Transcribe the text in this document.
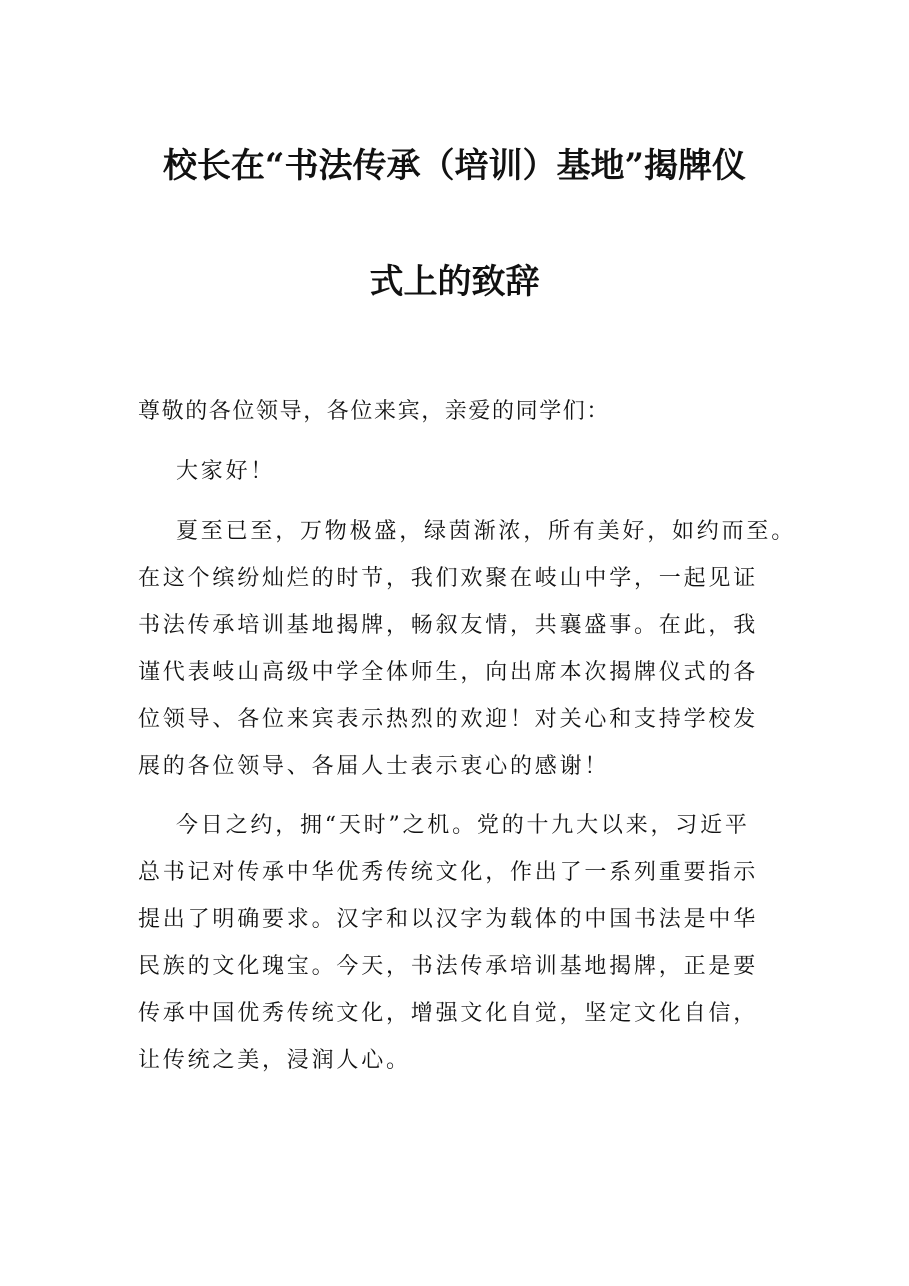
校长在“书法传承（培训）基地”揭牌仪
式上的致辞
尊敬的各位领导，各位来宾，亲爱的同学们：
大家好！
夏至已至，万物极盛，绿茵渐浓，所有美好，如约而至。
在这个缤纷灿烂的时节，我们欢聚在岐山中学，一起见证
书法传承培训基地揭牌，畅叙友情，共襄盛事。在此，我
谨代表岐山高级中学全体师生，向出席本次揭牌仪式的各
位领导、各位来宾表示热烈的欢迎！对关心和支持学校发
展的各位领导、各届人士表示衷心的感谢！
今日之约，拥“天时”之机。党的十九大以来，习近平
总书记对传承中华优秀传统文化，作出了一系列重要指示
提出了明确要求。汉字和以汉字为载体的中国书法是中华
民族的文化瑰宝。今天，书法传承培训基地揭牌，正是要
传承中国优秀传统文化，增强文化自觉，坚定文化自信，
让传统之美，浸润人心。
